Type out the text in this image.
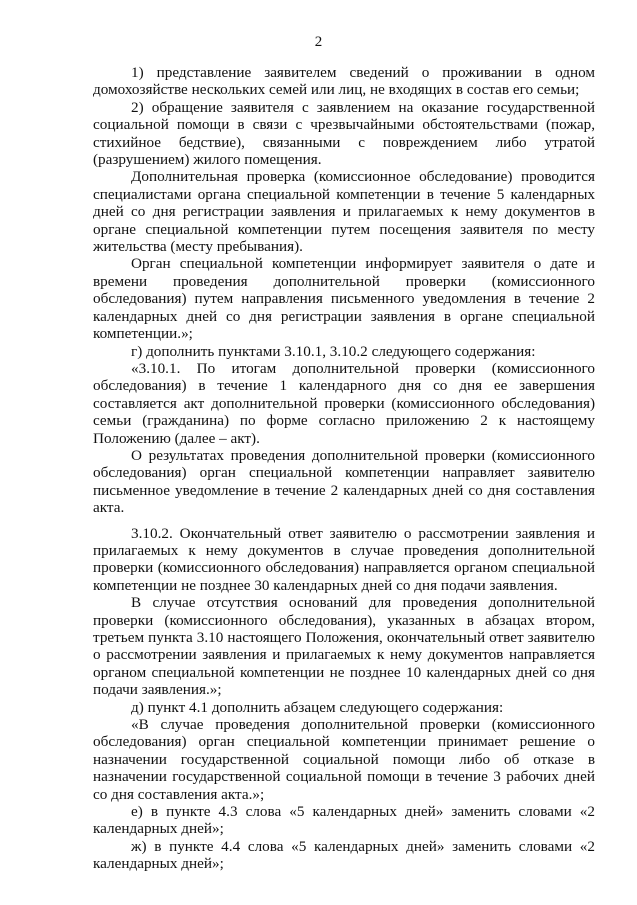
2

1) представление заявителем сведений о проживании в одном домохозяйстве нескольких семей или лиц, не входящих в состав его семьи;

2) обращение заявителя с заявлением на оказание государственной социальной помощи в связи с чрезвычайными обстоятельствами (пожар, стихийное бедствие), связанными с повреждением либо утратой (разрушением) жилого помещения.

Дополнительная проверка (комиссионное обследование) проводится специалистами органа специальной компетенции в течение 5 календарных дней со дня регистрации заявления и прилагаемых к нему документов в органе специальной компетенции путем посещения заявителя по месту жительства (месту пребывания).

Орган специальной компетенции информирует заявителя о дате и времени проведения дополнительной проверки (комиссионного обследования) путем направления письменного уведомления в течение 2 календарных дней со дня регистрации заявления в органе специальной компетенции.»;

г) дополнить пунктами 3.10.1, 3.10.2 следующего содержания:

«3.10.1. По итогам дополнительной проверки (комиссионного обследования) в течение 1 календарного дня со дня ее завершения составляется акт дополнительной проверки (комиссионного обследования) семьи (гражданина) по форме согласно приложению 2 к настоящему Положению (далее – акт).

О результатах проведения дополнительной проверки (комиссионного обследования) орган специальной компетенции направляет заявителю письменное уведомление в течение 2 календарных дней со дня составления акта.

3.10.2. Окончательный ответ заявителю о рассмотрении заявления и прилагаемых к нему документов в случае проведения дополнительной проверки (комиссионного обследования) направляется органом специальной компетенции не позднее 30 календарных дней со дня подачи заявления.

В случае отсутствия оснований для проведения дополнительной проверки (комиссионного обследования), указанных в абзацах втором, третьем пункта 3.10 настоящего Положения, окончательный ответ заявителю о рассмотрении заявления и прилагаемых к нему документов направляется органом специальной компетенции не позднее 10 календарных дней со дня подачи заявления.»;

д) пункт 4.1 дополнить абзацем следующего содержания:

«В случае проведения дополнительной проверки (комиссионного обследования) орган специальной компетенции принимает решение о назначении государственной социальной помощи либо об отказе в назначении государственной социальной помощи в течение 3 рабочих дней со дня составления акта.»;

е) в пункте 4.3 слова «5 календарных дней» заменить словами «2 календарных дней»;

ж) в пункте 4.4 слова «5 календарных дней» заменить словами «2 календарных дней»;
